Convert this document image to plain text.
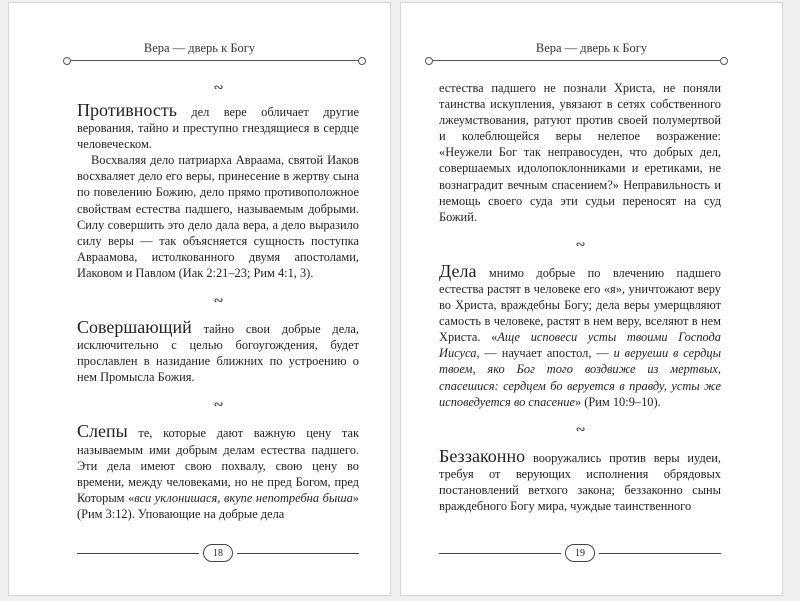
Вера — дверь к Богу
∾

Противность дел вере обличает другие верования, тайно и преступно гнездящиеся в сердце человеческом.

Восхваляя дело патриарха Авраама, святой Иаков восхваляет дело его веры, принесение в жертву сына по повелению Божию, дело прямо противоположное свойствам естества падшего, называемым добрыми. Силу совершить это дело дала вера, а дело выразило силу веры — так объясняется сущность поступка Авраамова, истолкованного двумя апостолами, Иаковом и Павлом (Иак 2:21–23; Рим 4:1, 3).

∾

Совершающий тайно свои добрые дела, исключительно с целью богоугождения, будет прославлен в назидание ближних по устроению о нем Промысла Божия.

∾

Слепы те, которые дают важную цену так называемым ими добрым делам естества падшего. Эти дела имеют свою похвалу, свою цену во времени, между человеками, но не пред Богом, пред Которым «вси уклонишася, вкупе непотребна быша» (Рим 3:12). Уповающие на добрые дела

18
Вера — дверь к Богу

естества падшего не познали Христа, не поняли таинства искупления, увязают в сетях собственного лжеумствования, ратуют против своей полумертвой и колеблющейся веры нелепое возражение: «Неужели Бог так неправосуден, что добрых дел, совершаемых идолопоклонниками и еретиками, не вознаградит вечным спасением?» Неправильность и немощь своего суда эти судьи переносят на суд Божий.

∾

Дела мнимо добрые по влечению падшего естества растят в человеке его «я», уничтожают веру во Христа, враждебны Богу; дела веры умерщвляют самость в человеке, растят в нем веру, вселяют в нем Христа. «Аще исповеси усты твоими Господа Иисуса, — научает апостол, — и веруеши в сердцы твоем, яко Бог того воздвиже из мертвых, спасешися: сердцем бо веруется в правду, усты же исповедуется во спасение» (Рим 10:9–10).

∾

Беззаконно вооружались против веры иудеи, требуя от верующих исполнения обрядовых постановлений ветхого закона; беззаконно сыны враждебного Богу мира, чуждые таинственного

19
